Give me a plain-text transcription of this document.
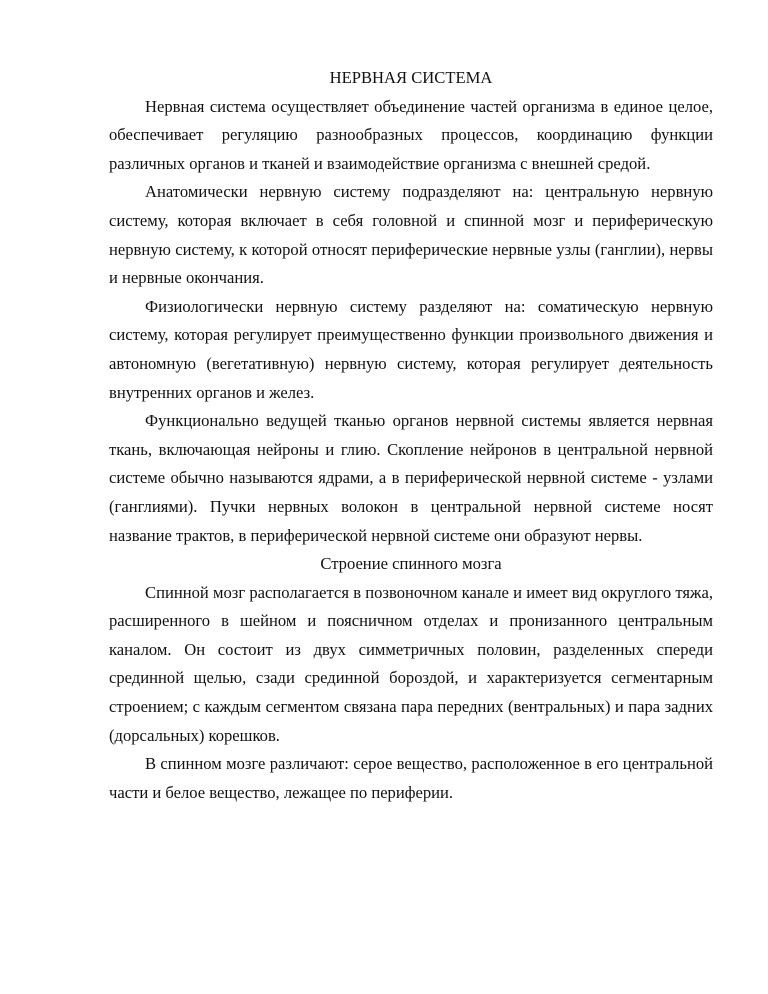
НЕРВНАЯ СИСТЕМА

Нервная система осуществляет объединение частей организма в единое целое, обеспечивает регуляцию разнообразных процессов, координацию функции различных органов и тканей и взаимодействие организма с внешней средой.

Анатомически нервную систему подразделяют на: центральную нервную систему, которая включает в себя головной и спинной мозг и периферическую нервную систему, к которой относят периферические нервные узлы (ганглии), нервы и нервные окончания.

Физиологически нервную систему разделяют на: соматическую нервную систему, которая регулирует преимущественно функции произвольного движения и автономную (вегетативную) нервную систему, которая регулирует деятельность внутренних органов и желез.

Функционально ведущей тканью органов нервной системы является нервная ткань, включающая нейроны и глию. Скопление нейронов в центральной нервной системе обычно называются ядрами, а в периферической нервной системе - узлами (ганглиями). Пучки нервных волокон в центральной нервной системе носят название трактов, в периферической нервной системе они образуют нервы.

Строение спинного мозга

Спинной мозг располагается в позвоночном канале и имеет вид округлого тяжа, расширенного в шейном и поясничном отделах и пронизанного центральным каналом. Он состоит из двух симметричных половин, разделенных спереди срединной щелью, сзади срединной бороздой, и характеризуется сегментарным строением; с каждым сегментом связана пара передних (вентральных) и пара задних (дорсальных) корешков.

В спинном мозге различают: серое вещество, расположенное в его центральной части и белое вещество, лежащее по периферии.
